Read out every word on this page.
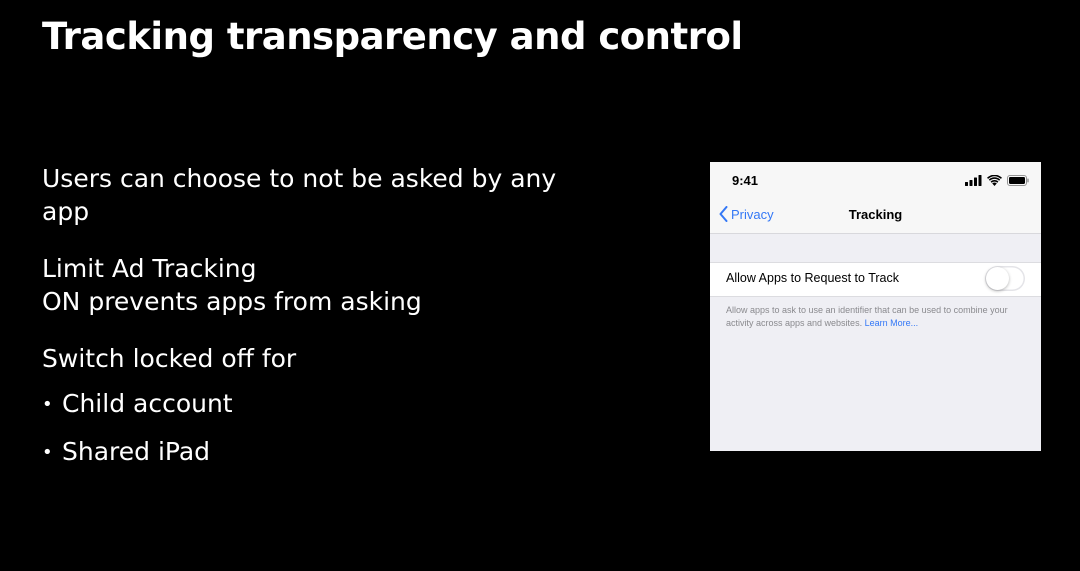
Tracking transparency and control

Users can choose to not be asked by any app

Limit Ad Tracking
ON prevents apps from asking

Switch locked off for

• Child account
• Shared iPad
9:41
Privacy	Tracking
Allow Apps to Request to Track
Allow apps to ask to use an identifier that can be used to combine your activity across apps and websites. Learn More...
